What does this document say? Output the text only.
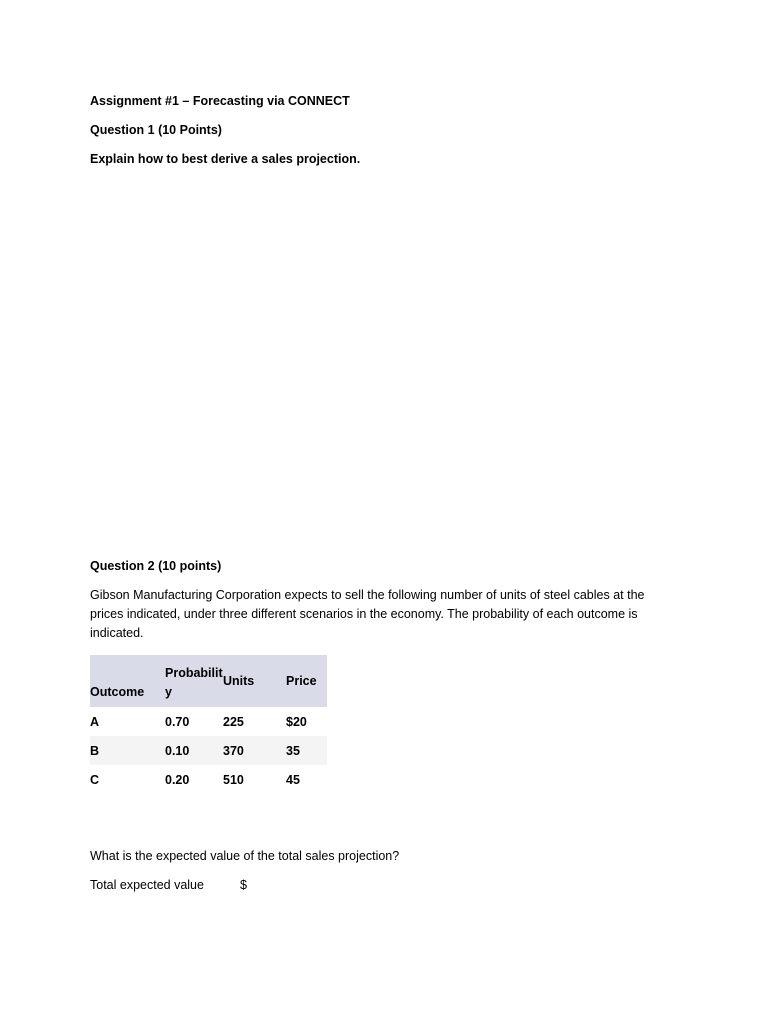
Assignment #1 – Forecasting via CONNECT
Question 1 (10 Points)
Explain how to best derive a sales projection.
Question 2 (10 points)
Gibson Manufacturing Corporation expects to sell the following number of units of steel cables at the prices indicated, under three different scenarios in the economy. The probability of each outcome is indicated.
Outcome	Probability	Units	Price
A	0.70	225	$20
B	0.10	370	35
C	0.20	510	45
What is the expected value of the total sales projection?
Total expected value	$
